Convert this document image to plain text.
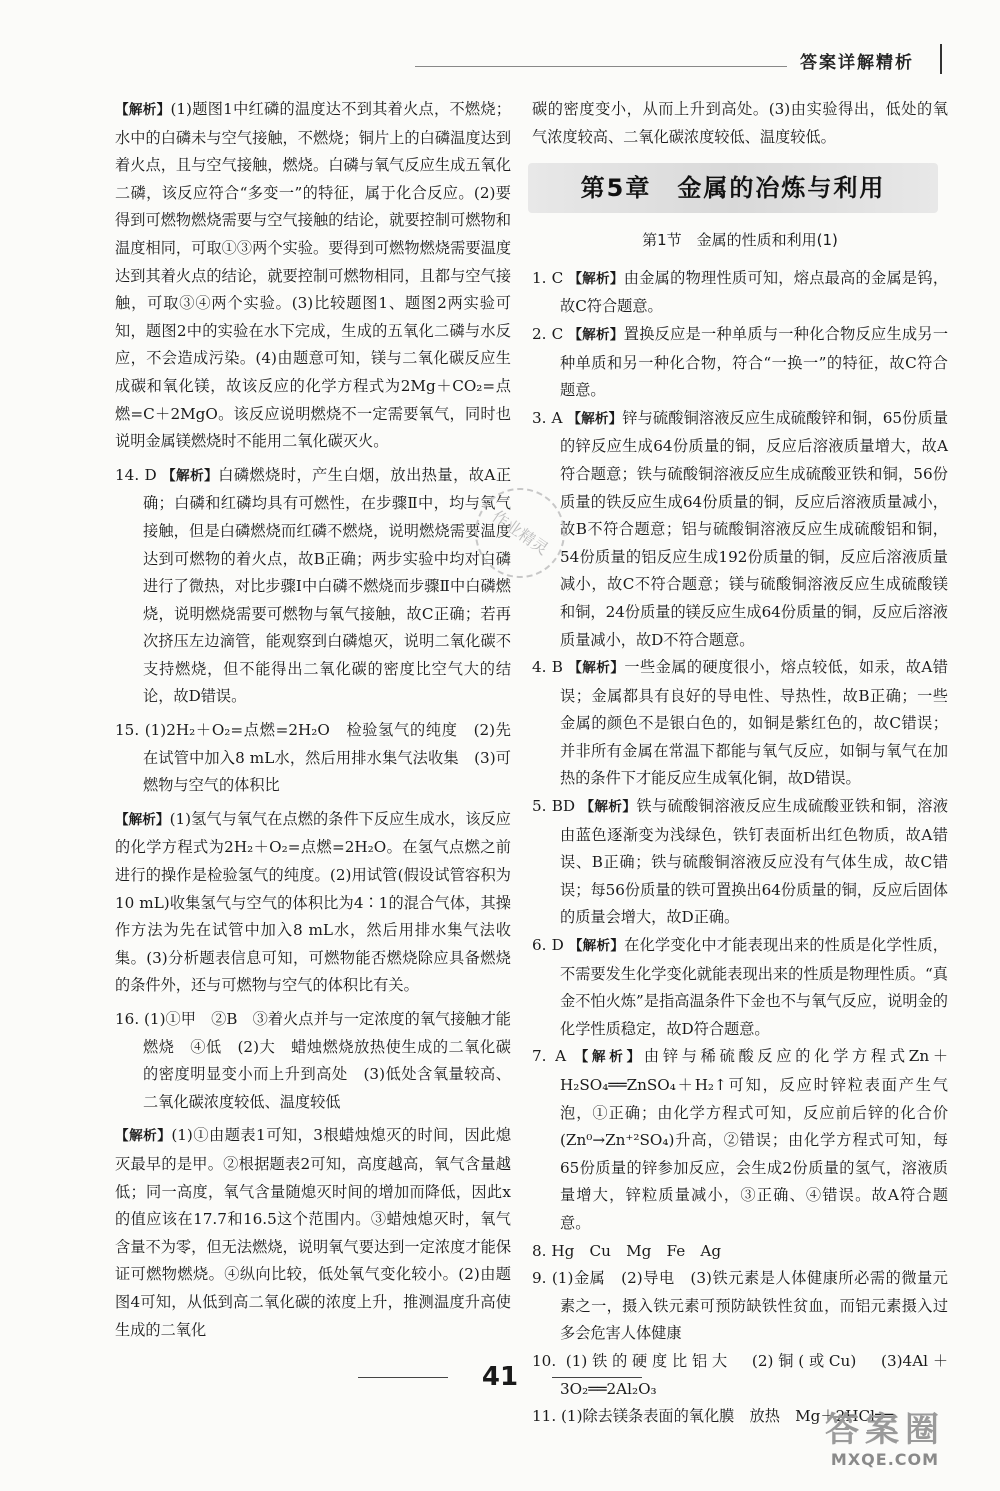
答案详解精析

【解析】(1)题图1中红磷的温度达不到其着火点，不燃烧；水中的白磷未与空气接触，不燃烧；铜片上的白磷温度达到着火点，且与空气接触，燃烧。白磷与氧气反应生成五氧化二磷，该反应符合“多变一”的特征，属于化合反应。(2)要得到可燃物燃烧需要与空气接触的结论，就要控制可燃物和温度相同，可取①③两个实验。要得到可燃物燃烧需要温度达到其着火点的结论，就要控制可燃物相同，且都与空气接触，可取③④两个实验。(3)比较题图1、题图2两实验可知，题图2中的实验在水下完成，生成的五氧化二磷与水反应，不会造成污染。(4)由题意可知，镁与二氧化碳反应生成碳和氧化镁，故该反应的化学方程式为2Mg＋CO₂=点燃=C＋2MgO。该反应说明燃烧不一定需要氧气，同时也说明金属镁燃烧时不能用二氧化碳灭火。

14. D 【解析】白磷燃烧时，产生白烟，放出热量，故A正确；白磷和红磷均具有可燃性，在步骤Ⅱ中，均与氧气接触，但是白磷燃烧而红磷不燃烧，说明燃烧需要温度达到可燃物的着火点，故B正确；两步实验中均对白磷进行了微热，对比步骤Ⅰ中白磷不燃烧而步骤Ⅱ中白磷燃烧，说明燃烧需要可燃物与氧气接触，故C正确；若再次挤压左边滴管，能观察到白磷熄灭，说明二氧化碳不支持燃烧，但不能得出二氧化碳的密度比空气大的结论，故D错误。

15. (1)2H₂＋O₂=点燃=2H₂O　检验氢气的纯度　(2)先在试管中加入8 mL水，然后用排水集气法收集　(3)可燃物与空气的体积比

【解析】(1)氢气与氧气在点燃的条件下反应生成水，该反应的化学方程式为2H₂＋O₂=点燃=2H₂O。在氢气点燃之前进行的操作是检验氢气的纯度。(2)用试管(假设试管容积为10 mL)收集氢气与空气的体积比为4∶1的混合气体，其操作方法为先在试管中加入8 mL水，然后用排水集气法收集。(3)分析题表信息可知，可燃物能否燃烧除应具备燃烧的条件外，还与可燃物与空气的体积比有关。

16. (1)①甲　②B　③着火点并与一定浓度的氧气接触才能燃烧　④低　(2)大　蜡烛燃烧放热使生成的二氧化碳的密度明显变小而上升到高处　(3)低处含氧量较高、二氧化碳浓度较低、温度较低

【解析】(1)①由题表1可知，3根蜡烛熄灭的时间，因此熄灭最早的是甲。②根据题表2可知，高度越高，氧气含量越低；同一高度，氧气含量随熄灭时间的增加而降低，因此x的值应该在17.7和16.5这个范围内。③蜡烛熄灭时，氧气含量不为零，但无法燃烧，说明氧气要达到一定浓度才能保证可燃物燃烧。④纵向比较，低处氧气变化较小。(2)由题图4可知，从低到高二氧化碳的浓度上升，推测温度升高使生成的二氧化

碳的密度变小，从而上升到高处。(3)由实验得出，低处的氧气浓度较高、二氧化碳浓度较低、温度较低。

第5章　金属的冶炼与利用
第1节　金属的性质和利用(1)

1. C 【解析】由金属的物理性质可知，熔点最高的金属是钨，故C符合题意。

2. C 【解析】置换反应是一种单质与一种化合物反应生成另一种单质和另一种化合物，符合“一换一”的特征，故C符合题意。

3. A 【解析】锌与硫酸铜溶液反应生成硫酸锌和铜，65份质量的锌反应生成64份质量的铜，反应后溶液质量增大，故A符合题意；铁与硫酸铜溶液反应生成硫酸亚铁和铜，56份质量的铁反应生成64份质量的铜，反应后溶液质量减小，故B不符合题意；铝与硫酸铜溶液反应生成硫酸铝和铜，54份质量的铝反应生成192份质量的铜，反应后溶液质量减小，故C不符合题意；镁与硫酸铜溶液反应生成硫酸镁和铜，24份质量的镁反应生成64份质量的铜，反应后溶液质量减小，故D不符合题意。

4. B 【解析】一些金属的硬度很小，熔点较低，如汞，故A错误；金属都具有良好的导电性、导热性，故B正确；一些金属的颜色不是银白色的，如铜是紫红色的，故C错误；并非所有金属在常温下都能与氧气反应，如铜与氧气在加热的条件下才能反应生成氧化铜，故D错误。

5. BD 【解析】铁与硫酸铜溶液反应生成硫酸亚铁和铜，溶液由蓝色逐渐变为浅绿色，铁钉表面析出红色物质，故A错误、B正确；铁与硫酸铜溶液反应没有气体生成，故C错误；每56份质量的铁可置换出64份质量的铜，反应后固体的质量会增大，故D正确。

6. D 【解析】在化学变化中才能表现出来的性质是化学性质，不需要发生化学变化就能表现出来的性质是物理性质。“真金不怕火炼”是指高温条件下金也不与氧气反应，说明金的化学性质稳定，故D符合题意。

7. A 【解析】由锌与稀硫酸反应的化学方程式Zn＋H₂SO₄══ZnSO₄＋H₂↑可知，反应时锌粒表面产生气泡，①正确；由化学方程式可知，反应前后锌的化合价(Zn⁰→Zn⁺²SO₄)升高，②错误；由化学方程式可知，每65份质量的锌参加反应，会生成2份质量的氢气，溶液质量增大，锌粒质量减小，③正确、④错误。故A符合题意。

8. Hg　Cu　Mg　Fe　Ag

9. (1)金属　(2)导电　(3)铁元素是人体健康所必需的微量元素之一，摄入铁元素可预防缺铁性贫血，而铝元素摄入过多会危害人体健康

10. (1)铁的硬度比铝大　(2)铜(或Cu)　(3)4Al＋3O₂══2Al₂O₃

11. (1)除去镁条表面的氧化膜　放热　Mg＋2HCl══

作业精灵
41
答案圈
MXQE.COM
